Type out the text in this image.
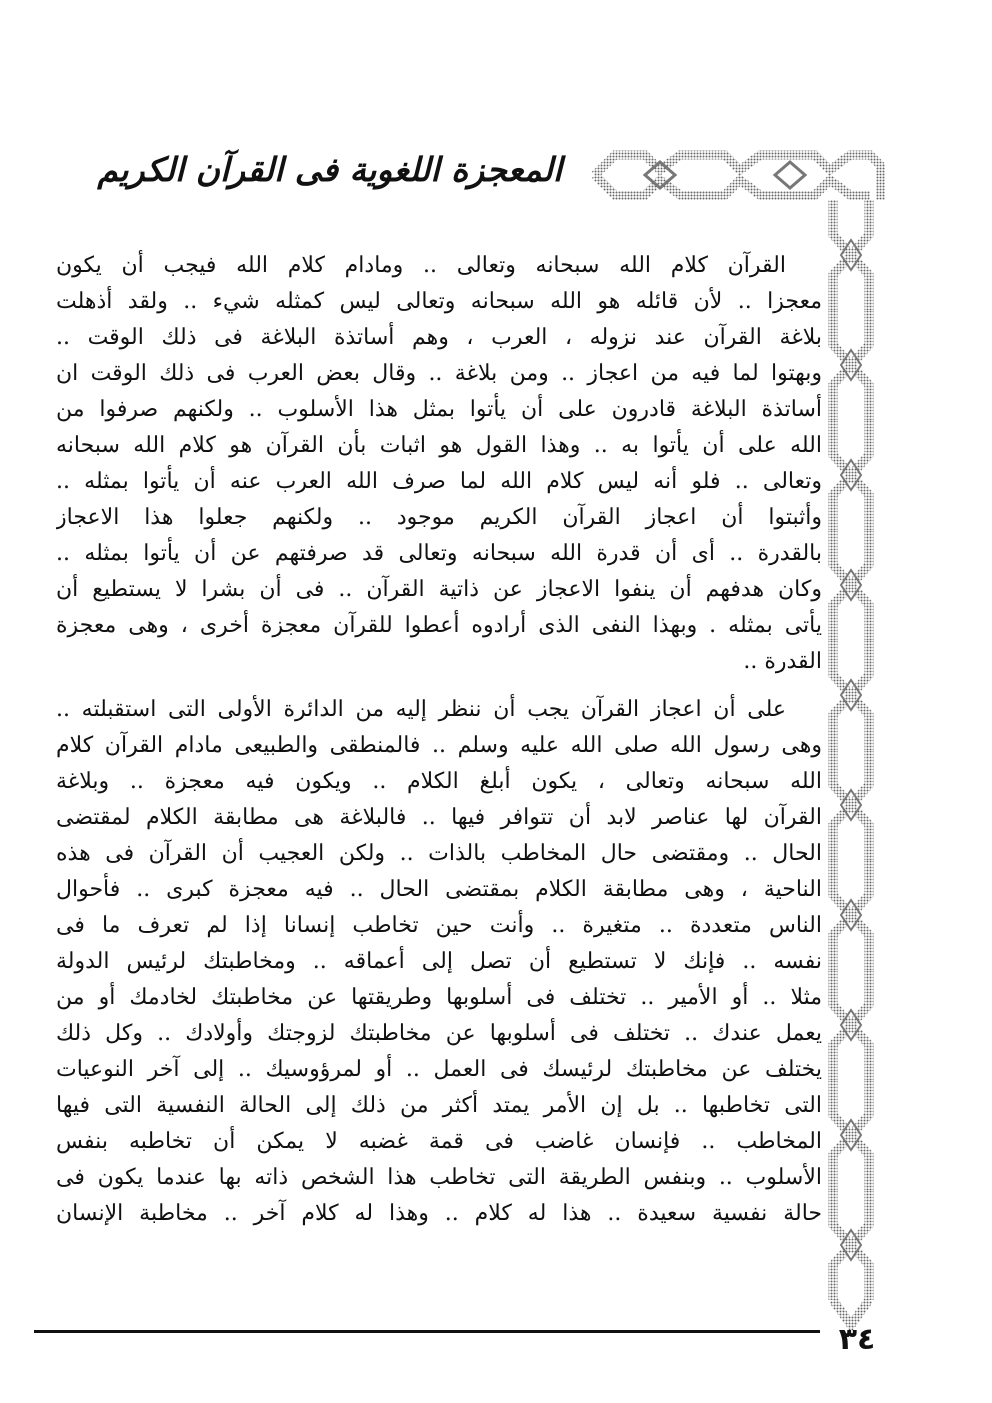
المعجزة اللغوية فى القرآن الكريم
القرآن كلام الله سبحانه وتعالى .. ومادام كلام الله فيجب أن يكون
معجزا .. لأن قائله هو الله سبحانه وتعالى ليس كمثله شيء .. ولقد أذهلت
بلاغة القرآن عند نزوله ، العرب ، وهم أساتذة البلاغة فى ذلك الوقت ..
وبهتوا لما فيه من اعجاز .. ومن بلاغة .. وقال بعض العرب فى ذلك الوقت ان
أساتذة البلاغة قادرون على أن يأتوا بمثل هذا الأسلوب .. ولكنهم صرفوا من
الله على أن يأتوا به .. وهذا القول هو اثبات بأن القرآن هو كلام الله سبحانه
وتعالى .. فلو أنه ليس كلام الله لما صرف الله العرب عنه أن يأتوا بمثله ..
وأثبتوا أن اعجاز القرآن الكريم موجود .. ولكنهم جعلوا هذا الاعجاز
بالقدرة .. أى أن قدرة الله سبحانه وتعالى قد صرفتهم عن أن يأتوا بمثله ..
وكان هدفهم أن ينفوا الاعجاز عن ذاتية القرآن .. فى أن بشرا لا يستطيع أن
يأتى بمثله . وبهذا النفى الذى أرادوه أعطوا للقرآن معجزة أخرى ، وهى معجزة
القدرة ..
على أن اعجاز القرآن يجب أن ننظر إليه من الدائرة الأولى التى استقبلته ..
وهى رسول الله صلى الله عليه وسلم .. فالمنطقى والطبيعى مادام القرآن كلام
الله سبحانه وتعالى ، يكون أبلغ الكلام .. ويكون فيه معجزة .. وبلاغة
القرآن لها عناصر لابد أن تتوافر فيها .. فالبلاغة هى مطابقة الكلام لمقتضى
الحال .. ومقتضى حال المخاطب بالذات .. ولكن العجيب أن القرآن فى هذه
الناحية ، وهى مطابقة الكلام بمقتضى الحال .. فيه معجزة كبرى .. فأحوال
الناس متعددة .. متغيرة .. وأنت حين تخاطب إنسانا إذا لم تعرف ما فى
نفسه .. فإنك لا تستطيع أن تصل إلى أعماقه .. ومخاطبتك لرئيس الدولة
مثلا .. أو الأمير .. تختلف فى أسلوبها وطريقتها عن مخاطبتك لخادمك أو من
يعمل عندك .. تختلف فى أسلوبها عن مخاطبتك لزوجتك وأولادك .. وكل ذلك
يختلف عن مخاطبتك لرئيسك فى العمل .. أو لمرؤوسيك .. إلى آخر النوعيات
التى تخاطبها .. بل إن الأمر يمتد أكثر من ذلك إلى الحالة النفسية التى فيها
المخاطب .. فإنسان غاضب فى قمة غضبه لا يمكن أن تخاطبه بنفس
الأسلوب .. وبنفس الطريقة التى تخاطب هذا الشخص ذاته بها عندما يكون فى
حالة نفسية سعيدة .. هذا له كلام .. وهذا له كلام آخر .. مخاطبة الإنسان
٣٤
